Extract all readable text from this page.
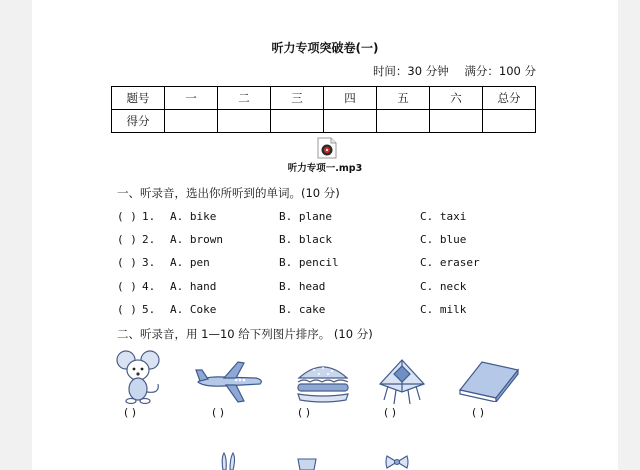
听力专项突破卷(一)
时间：30 分钟 满分：100 分
题号	一	二	三	四	五	六	总分
得分							
听力专项一.mp3
一、听录音，选出你所听到的单词。(10 分)
( ) 1. A. bike	B. plane	C. taxi
( ) 2. A. brown	B. black	C. blue
( ) 3. A. pen	B. pencil	C. eraser
( ) 4. A. hand	B. head	C. neck
( ) 5. A. Coke	B. cake	C. milk
二、听录音，用 1—10 给下列图片排序。 (10 分)
( )	( )	( )	( )	( )
